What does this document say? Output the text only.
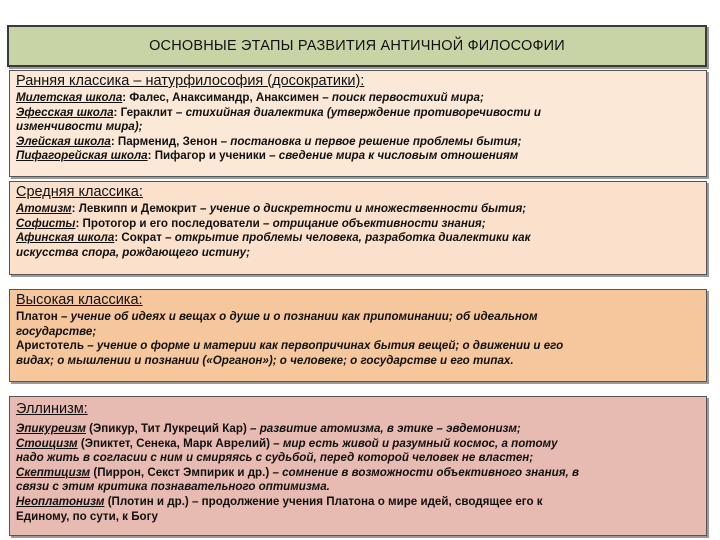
ОСНОВНЫЕ ЭТАПЫ РАЗВИТИЯ АНТИЧНОЙ ФИЛОСОФИИ
Ранняя классика – натурфилософия (досократики):
Милетская школа: Фалес, Анаксимандр, Анаксимен – поиск первостихий мира;
Эфесская школа: Гераклит – стихийная диалектика (утверждение противоречивости и
изменчивости мира);
Элейская школа: Парменид, Зенон – постановка и первое решение проблемы бытия;
Пифагорейская школа: Пифагор и ученики – сведение мира к числовым отношениям
Средняя классика:
Атомизм: Левкипп и Демокрит – учение о дискретности и множественности бытия;
Софисты: Протогор и его последователи – отрицание объективности знания;
Афинская школа: Сократ – открытие проблемы человека, разработка диалектики как
искусства спора, рождающего истину;
Высокая классика:
Платон – учение об идеях и вещах о душе и о познании как припоминании; об идеальном
государстве;
Аристотель – учение о форме и материи как первопричинах бытия вещей; о движении и его
видах; о мышлении и познании («Органон»); о человеке; о государстве и его типах.
Эллинизм:
Эпикуреизм (Эпикур, Тит Лукреций Кар) – развитие атомизма, в этике – эвдемонизм;
Стоицизм (Эпиктет, Сенека, Марк Аврелий) – мир есть живой и разумный космос, а потому
надо жить в согласии с ним и смиряясь с судьбой, перед которой человек не властен;
Скептицизм (Пиррон, Секст Эмпирик и др.) – сомнение в возможности объективного знания, в
связи с этим критика познавательного оптимизма.
Неоплатонизм (Плотин и др.) – продолжение учения Платона о мире идей, сводящее его к
Единому, по сути, к Богу
